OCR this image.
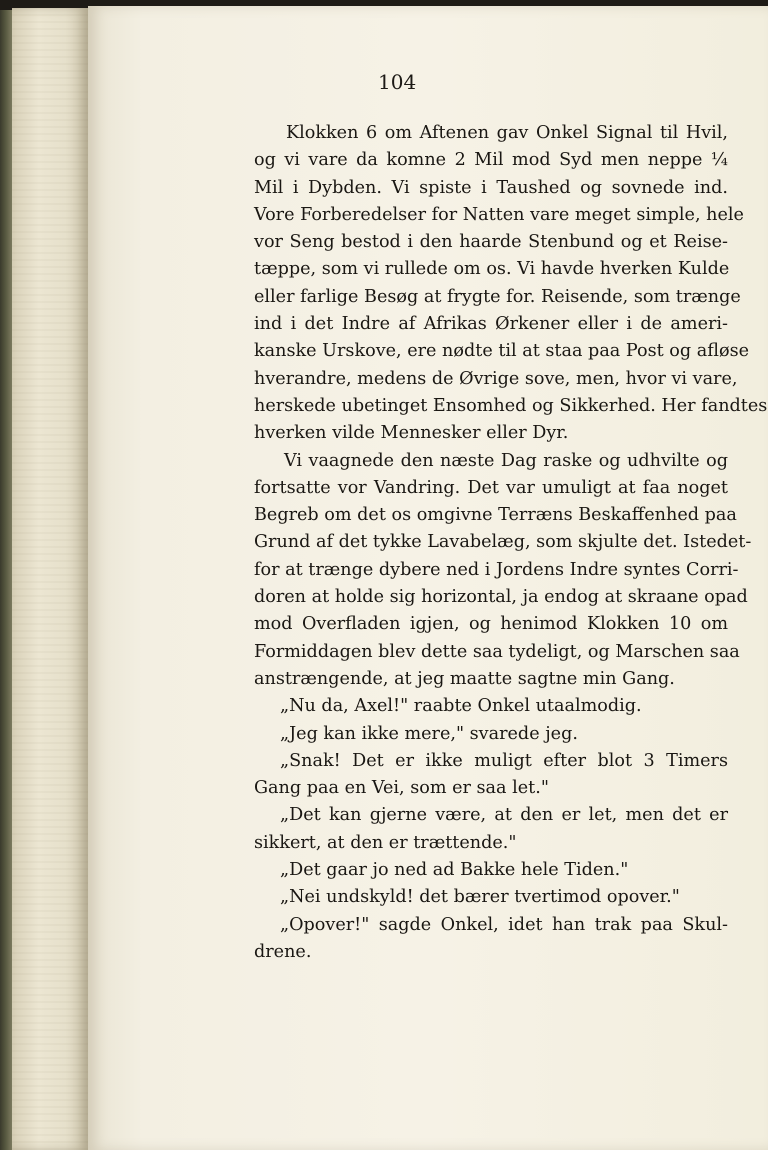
104
Klokken 6 om Aftenen gav Onkel Signal til Hvil,
og vi vare da komne 2 Mil mod Syd men neppe ¼
Mil i Dybden. Vi spiste i Taushed og sovnede ind.
Vore Forberedelser for Natten vare meget simple, hele
vor Seng bestod i den haarde Stenbund og et Reise-
tæppe, som vi rullede om os. Vi havde hverken Kulde
eller farlige Besøg at frygte for. Reisende, som trænge
ind i det Indre af Afrikas Ørkener eller i de ameri-
kanske Urskove, ere nødte til at staa paa Post og afløse
hverandre, medens de Øvrige sove, men, hvor vi vare,
herskede ubetinget Ensomhed og Sikkerhed. Her fandtes
hverken vilde Mennesker eller Dyr.
Vi vaagnede den næste Dag raske og udhvilte og
fortsatte vor Vandring. Det var umuligt at faa noget
Begreb om det os omgivne Terræns Beskaffenhed paa
Grund af det tykke Lavabelæg, som skjulte det. Istedet-
for at trænge dybere ned i Jordens Indre syntes Corri-
doren at holde sig horizontal, ja endog at skraane opad
mod Overfladen igjen, og henimod Klokken 10 om
Formiddagen blev dette saa tydeligt, og Marschen saa
anstrængende, at jeg maatte sagtne min Gang.
„Nu da, Axel!" raabte Onkel utaalmodig.
„Jeg kan ikke mere," svarede jeg.
„Snak! Det er ikke muligt efter blot 3 Timers
Gang paa en Vei, som er saa let."
„Det kan gjerne være, at den er let, men det er
sikkert, at den er trættende."
„Det gaar jo ned ad Bakke hele Tiden."
„Nei undskyld! det bærer tvertimod opover."
„Opover!" sagde Onkel, idet han trak paa Skul-
drene.
